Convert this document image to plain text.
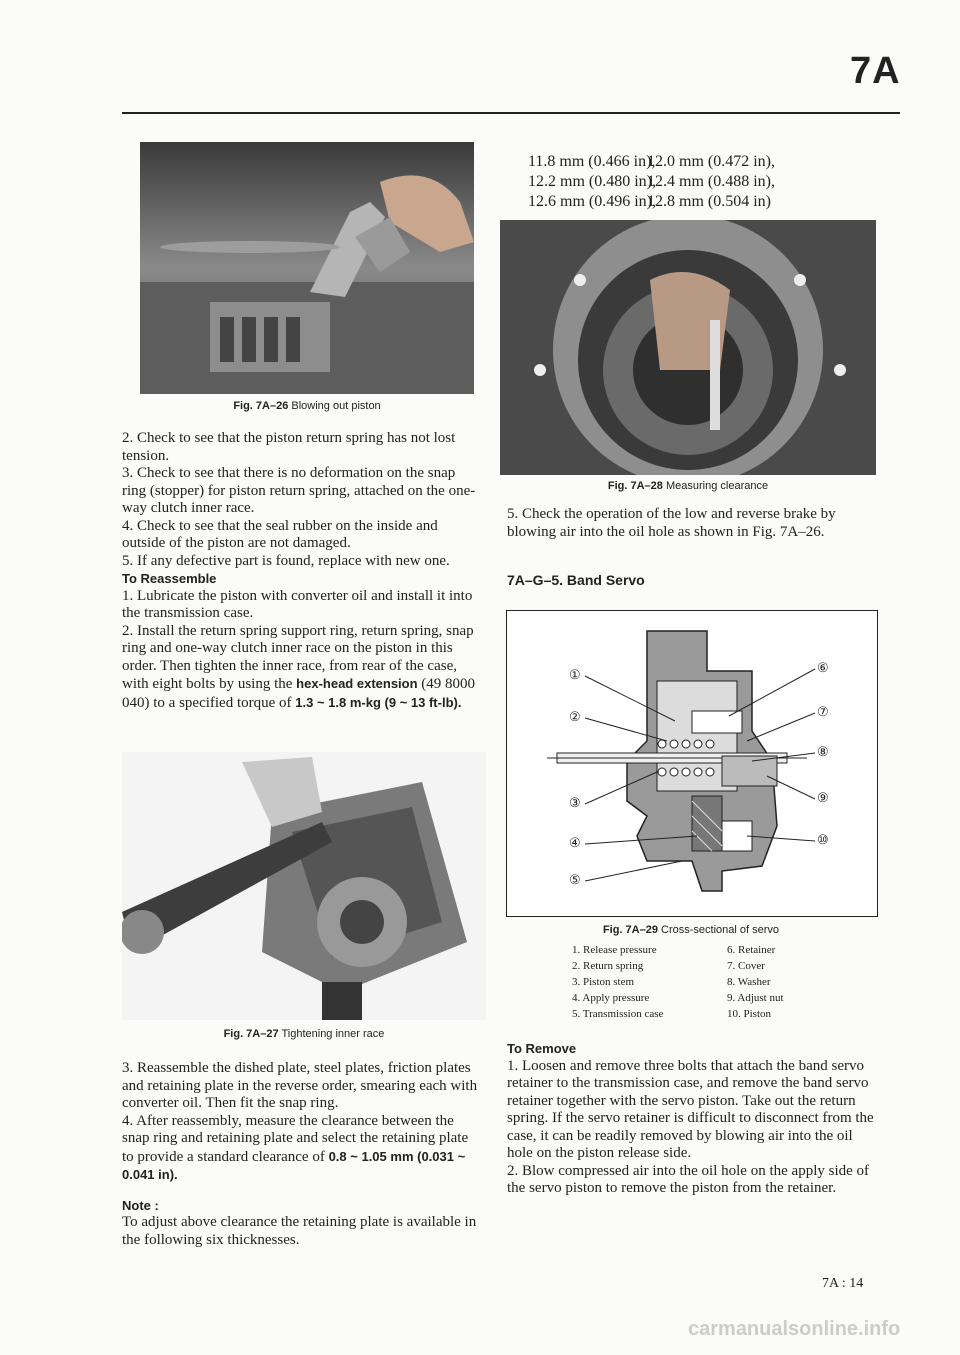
7A
Fig. 7A–26 Blowing out piston

2. Check to see that the piston return spring has not lost tension.

3. Check to see that there is no deformation on the snap ring (stopper) for piston return spring, attached on the one-way clutch inner race.

4. Check to see that the seal rubber on the inside and outside of the piston are not damaged.

5. If any defective part is found, replace with new one.

To Reassemble

1. Lubricate the piston with converter oil and install it into the transmission case.

2. Install the return spring support ring, return spring, snap ring and one-way clutch inner race on the piston in this order. Then tighten the inner race, from rear of the case, with eight bolts by using the hex-head extension (49 8000 040) to a specified torque of 1.3 ~ 1.8 m-kg (9 ~ 13 ft-lb).

Fig. 7A–27 Tightening inner race

3. Reassemble the dished plate, steel plates, friction plates and retaining plate in the reverse order, smearing each with converter oil. Then fit the snap ring.

4. After reassembly, measure the clearance between the snap ring and retaining plate and select the retaining plate to provide a standard clearance of 0.8 ~ 1.05 mm (0.031 ~ 0.041 in).

Note :

To adjust above clearance the retaining plate is available in the following six thicknesses.

11.8 mm (0.466 in),
12.0 mm (0.472 in),
12.2 mm (0.480 in),
12.4 mm (0.488 in),
12.6 mm (0.496 in),
12.8 mm (0.504 in)
Fig. 7A–28 Measuring clearance
5. Check the operation of the low and reverse brake by blowing air into the oil hole as shown in Fig. 7A–26.
7A–G–5. Band Servo
①
②
③
④
⑤
⑥
⑦
⑧
⑨
⑩
Fig. 7A–29 Cross-sectional of servo
1. Release pressure	6. Retainer
2. Return spring	7. Cover
3. Piston stem	8. Washer
4. Apply pressure	9. Adjust nut
5. Transmission case	10. Piston

To Remove

1. Loosen and remove three bolts that attach the band servo retainer to the transmission case, and remove the band servo retainer together with the servo piston. Take out the return spring. If the servo retainer is difficult to disconnect from the case, it can be readily removed by blowing air into the oil hole on the piston release side.

2. Blow compressed air into the oil hole on the apply side of the servo piston to remove the piston from the retainer.

7A : 14
carmanualsonline.info
